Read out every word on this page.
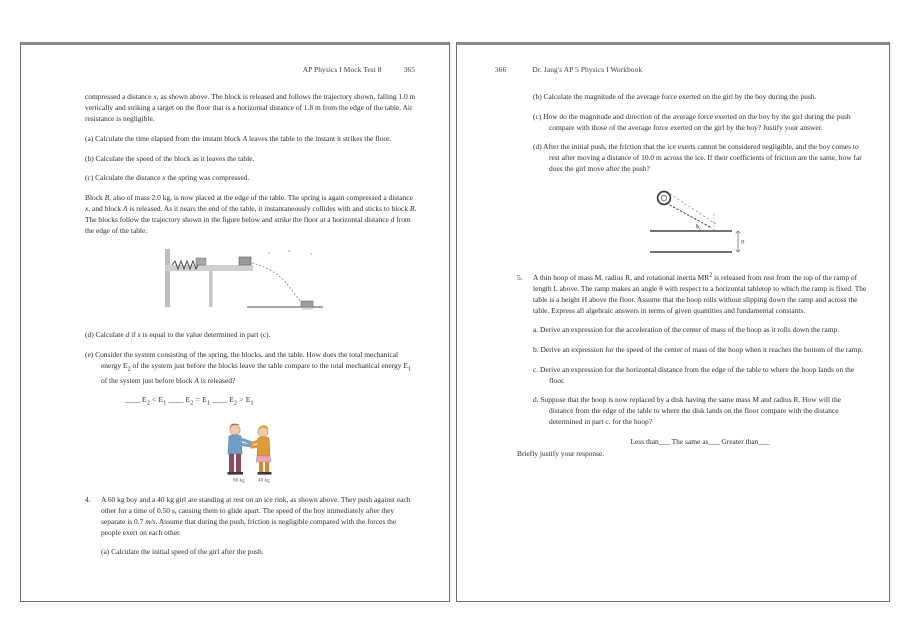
AP Physics I Mock Test 8	365

compressed a distance x, as shown above. The block is released and follows the trajectory shown, falling 1.0 m vertically and striking a target on the floor that is a horizontal distance of 1.8 m from the edge of the table. Air resistance is negligible.

(a) Calculate the time elapsed from the instant block A leaves the table to the instant it strikes the floor.

(b) Calculate the speed of the block as it leaves the table.

(c) Calculate the distance x the spring was compressed.

Block B, also of mass 2.0 kg, is now placed at the edge of the table. The spring is again compressed a distance x, and block A is released. As it nears the end of the table, it instantaneously collides with and sticks to block B. The blocks follow the trajectory shown in the figure below and strike the floor at a horizontal distance d from the edge of the table.

(d) Calculate d if x is equal to the value determined in part (c).

(e) Consider the system consisting of the spring, the blocks, and the table. How does the total mechanical energy $E_2$ of the system just before the blocks leave the table compare to the total mechanical energy $E_1$ of the system just before block A is released?

____ $E_2 < E_1$ ____ $E_2 = E_1$ ____ $E_2 > E_1$

60 kg	40 kg

4. A 60 kg boy and a 40 kg girl are standing at rest on an ice rink, as shown above. They push against each other for a time of 0.50 s, causing them to glide apart. The speed of the boy immediately after they separate is 0.7 m/s. Assume that during the push, friction is negligible compared with the forces the people exert on each other.

(a) Calculate the initial speed of the girl after the push.

366	Dr. Jang's AP 5 Physics I Workbook

(b) Calculate the magnitude of the average force exerted on the girl by the boy during the push.

(c) How do the magnitude and direction of the average force exerted on the boy by the girl during the push compare with those of the average force exerted on the girl by the boy? Justify your answer.

(d) After the initial push, the friction that the ice exerts cannot be considered negligible, and the boy comes to rest after moving a distance of 10.0 m across the ice. If their coefficients of friction are the same, how far does the girl move after the push?

θ
H

5. A thin hoop of mass M, radius R, and rotational inertia $MR^2$ is released from rest from the top of the ramp of length L above. The ramp makes an angle θ with respect to a horizontal tabletop to which the ramp is fixed. The table is a height H above the floor. Assume that the hoop rolls without slipping down the ramp and across the table. Express all algebraic answers in terms of given quantities and fundamental constants.

a. Derive an expression for the acceleration of the center of mass of the hoop as it rolls down the ramp.

b. Derive an expression for the speed of the center of mass of the hoop when it reaches the bottom of the ramp.

c. Derive an expression for the horizontal distance from the edge of the table to where the hoop lands on the floor.

d. Suppose that the hoop is now replaced by a disk having the same mass M and radius R. How will the distance from the edge of the table to where the disk lands on the floor compare with the distance determined in part c. for the hoop?

Less than___ The same as___ Greater than___

Briefly justify your response.
